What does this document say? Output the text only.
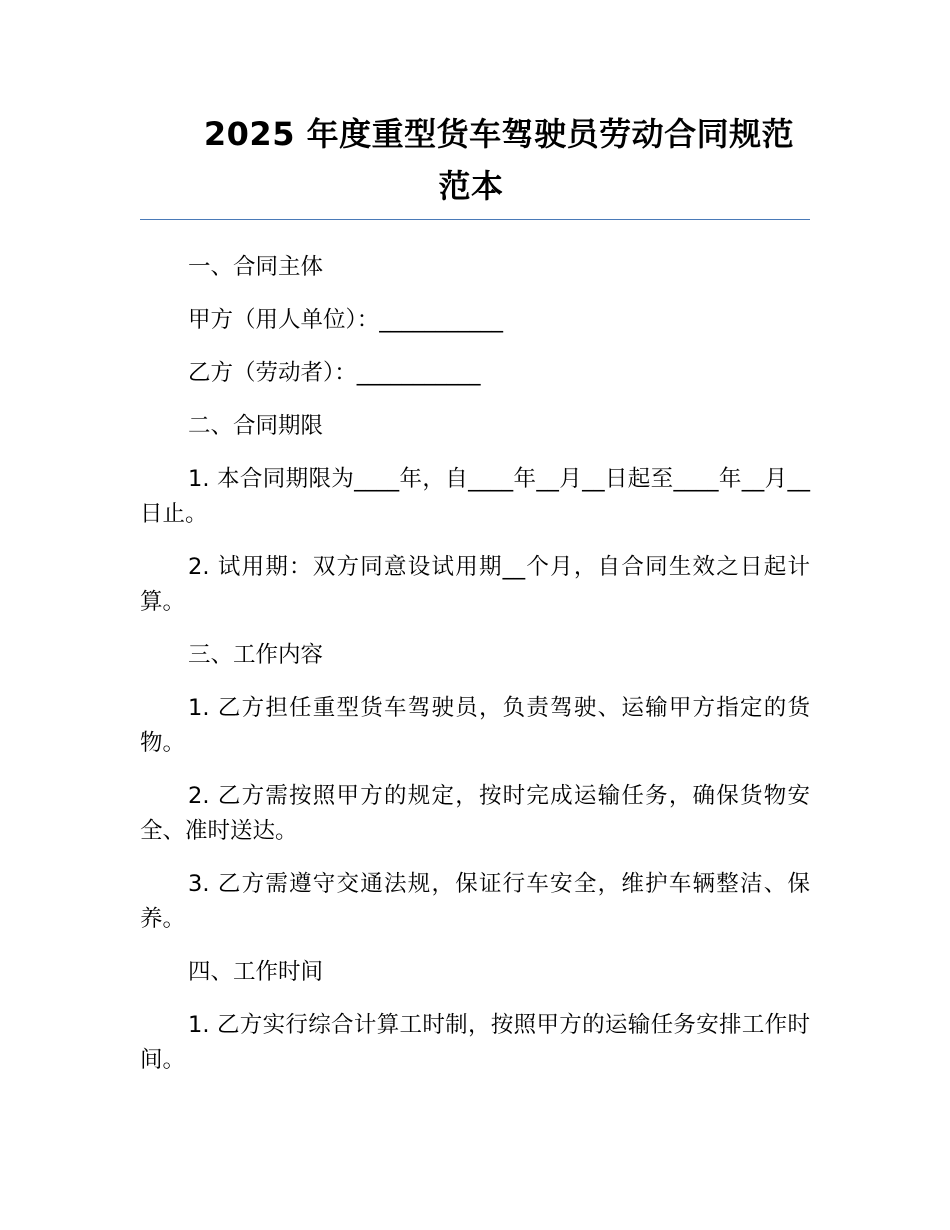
2025 年度重型货车驾驶员劳动合同规范
范本

一、合同主体

甲方（用人单位）：___________

乙方（劳动者）：___________

二、合同期限

1. 本合同期限为____年，自____年__月__日起至____年__月__日止。

2. 试用期：双方同意设试用期__个月，自合同生效之日起计算。

三、工作内容

1. 乙方担任重型货车驾驶员，负责驾驶、运输甲方指定的货物。

2. 乙方需按照甲方的规定，按时完成运输任务，确保货物安全、准时送达。

3. 乙方需遵守交通法规，保证行车安全，维护车辆整洁、保养。

四、工作时间

1. 乙方实行综合计算工时制，按照甲方的运输任务安排工作时间。
